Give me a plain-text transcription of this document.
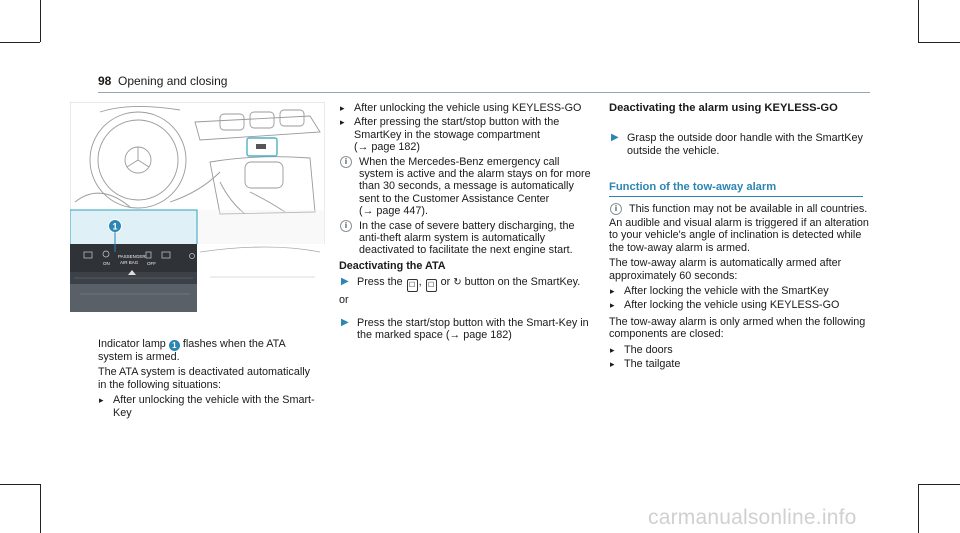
98 Opening and closing
1
ON
PASSENGER
AIR BAG OFF

Indicator lamp 1 flashes when the ATA system is armed.

The ATA system is deactivated automatically in the following situations:

▸ After unlocking the vehicle with the Smart-Key
▸ After unlocking the vehicle using KEYLESS-GO
▸ After pressing the start/stop button with the SmartKey in the stowage compartment (→ page 182)
i	When the Mercedes-Benz emergency call system is active and the alarm stays on for more than 30 seconds, a message is automatically sent to the Customer Assistance Center (→ page 447).
i	In the case of severe battery discharging, the anti-theft alarm system is automatically deactivated to facilitate the next engine start.
Deactivating the ATA
▶ Press the ☐ , ☐ or ↻ button on the SmartKey.

or

▶ Press the start/stop button with the Smart-Key in the marked space (→ page 182)
Deactivating the alarm using KEYLESS-GO
▶ Grasp the outside door handle with the SmartKey outside the vehicle.
Function of the tow-away alarm
i	This function may not be available in all countries.

An audible and visual alarm is triggered if an alteration to your vehicle's angle of inclination is detected while the tow-away alarm is armed.

The tow-away alarm is automatically armed after approximately 60 seconds:

▸ After locking the vehicle with the SmartKey
▸ After locking the vehicle using KEYLESS-GO

The tow-away alarm is only armed when the following components are closed:

▸ The doors
▸ The tailgate
carmanualsonline.info
